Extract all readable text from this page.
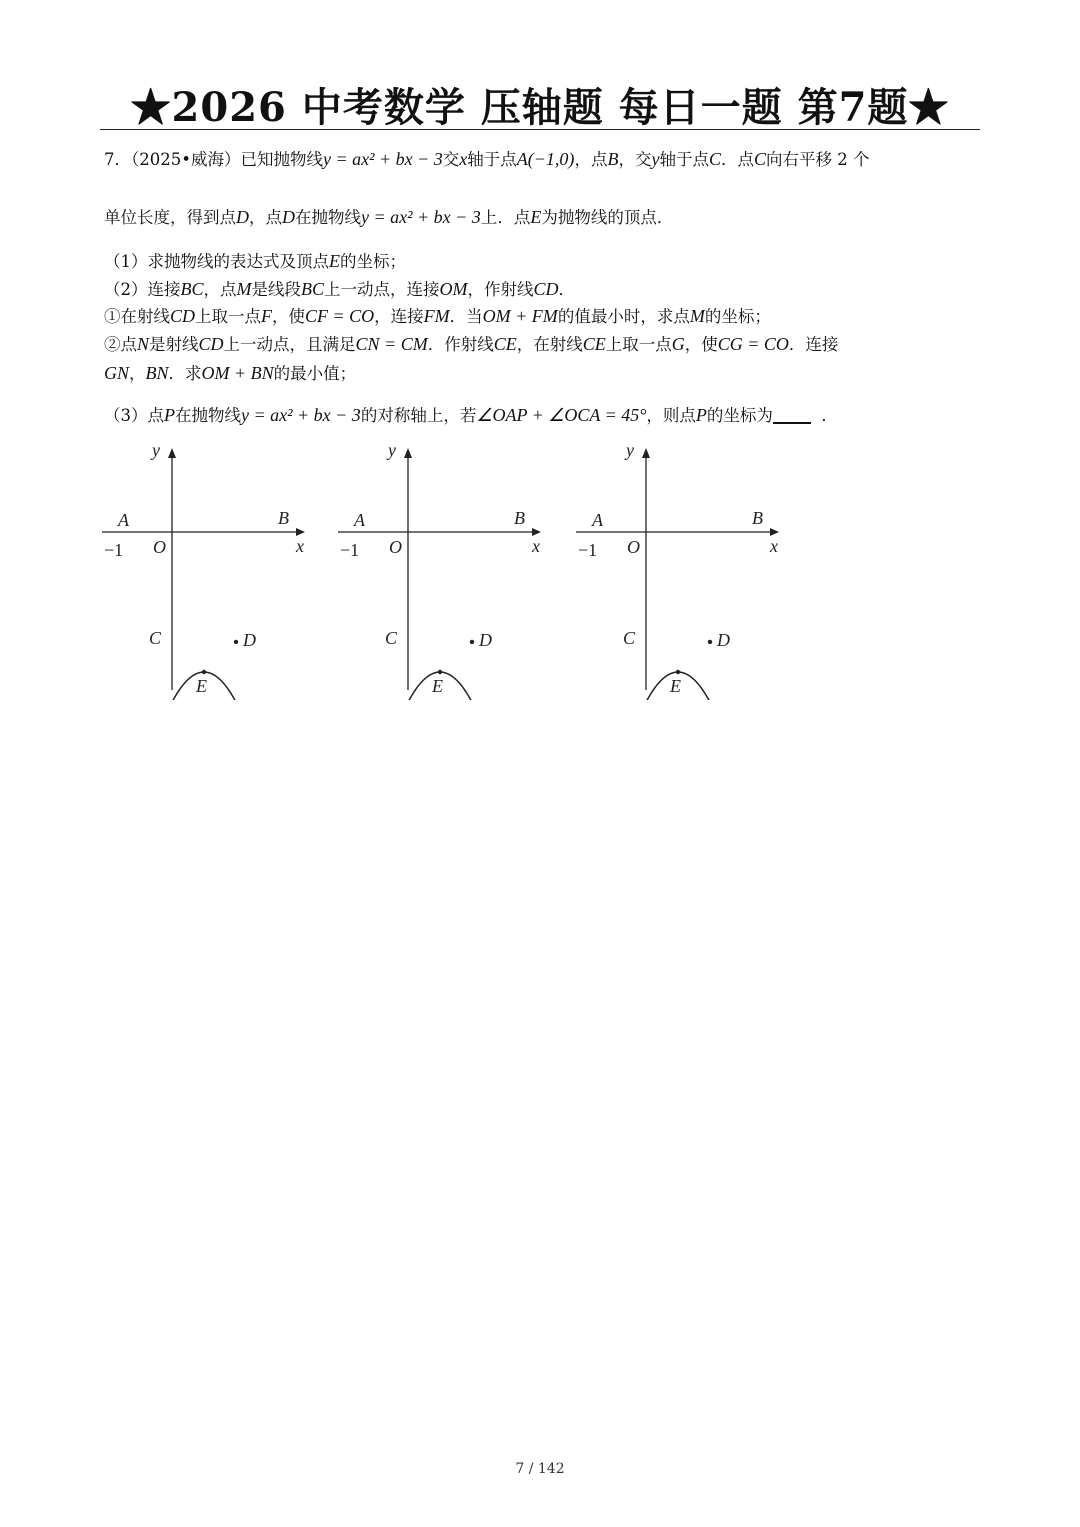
★2026 中考数学 压轴题 每日一题 第7题★
7．（2025•威海）已知抛物线y = ax² + bx − 3交x轴于点A(−1,0)，点B，交y轴于点C．点C向右平移 2 个
单位长度，得到点D，点D在抛物线y = ax² + bx − 3上．点E为抛物线的顶点．
（1）求抛物线的表达式及顶点E的坐标；
（2）连接BC，点M是线段BC上一动点，连接OM，作射线CD．
①在射线CD上取一点F，使CF = CO，连接FM．当OM + FM的值最小时，求点M的坐标；
②点N是射线CD上一动点，且满足CN = CM．作射线CE，在射线CE上取一点G，使CG = CO．连接
GN，BN．求OM + BN的最小值；
（3）点P在抛物线y = ax² + bx − 3的对称轴上，若∠OAP + ∠OCA = 45°，则点P的坐标为	．
y
x
A	B
O
−1
C	D
E
y
x
A	B
O
−1
C	D
E
y
x
A	B
O
−1
C	D
E
7 / 142
